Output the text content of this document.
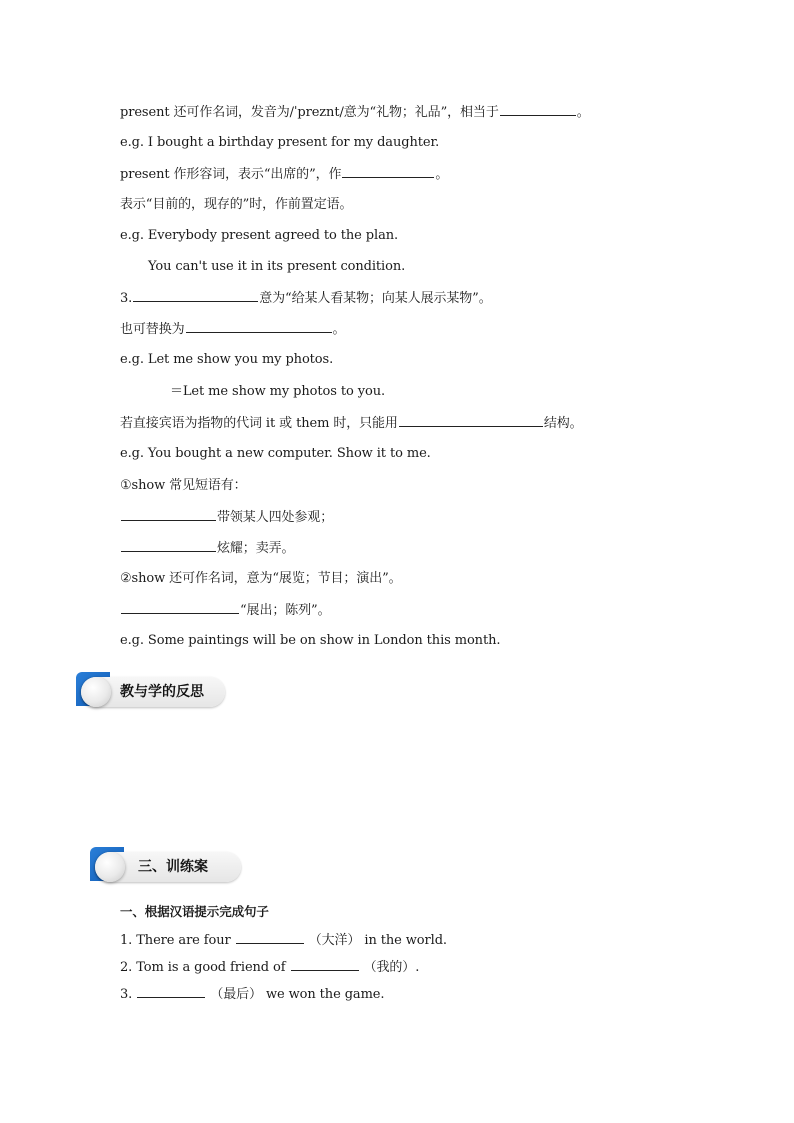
present 还可作名词，发音为/ˈpreznt/意为“礼物；礼品”，相当于	。

e.g. I bought a birthday present for my daughter.

present 作形容词，表示“出席的”，作	。

表示“目前的，现存的”时，作前置定语。

e.g. Everybody present agreed to the plan.

You can't use it in its present condition.

3.	意为“给某人看某物；向某人展示某物”。

也可替换为	。

e.g. Let me show you my photos.

＝Let me show my photos to you.

若直接宾语为指物的代词 it 或 them 时，只能用	结构。

e.g. You bought a new computer. Show it to me.

①show 常见短语有：

带领某人四处参观；

炫耀；卖弄。

②show 还可作名词，意为“展览；节目；演出”。

“展出；陈列”。

e.g. Some paintings will be on show in London this month.

教与学的反思
三、训练案

一、根据汉语提示完成句子

1. There are four	（大洋） in the world.

2. Tom is a good friend of	（我的）.

3.	（最后） we won the game.
